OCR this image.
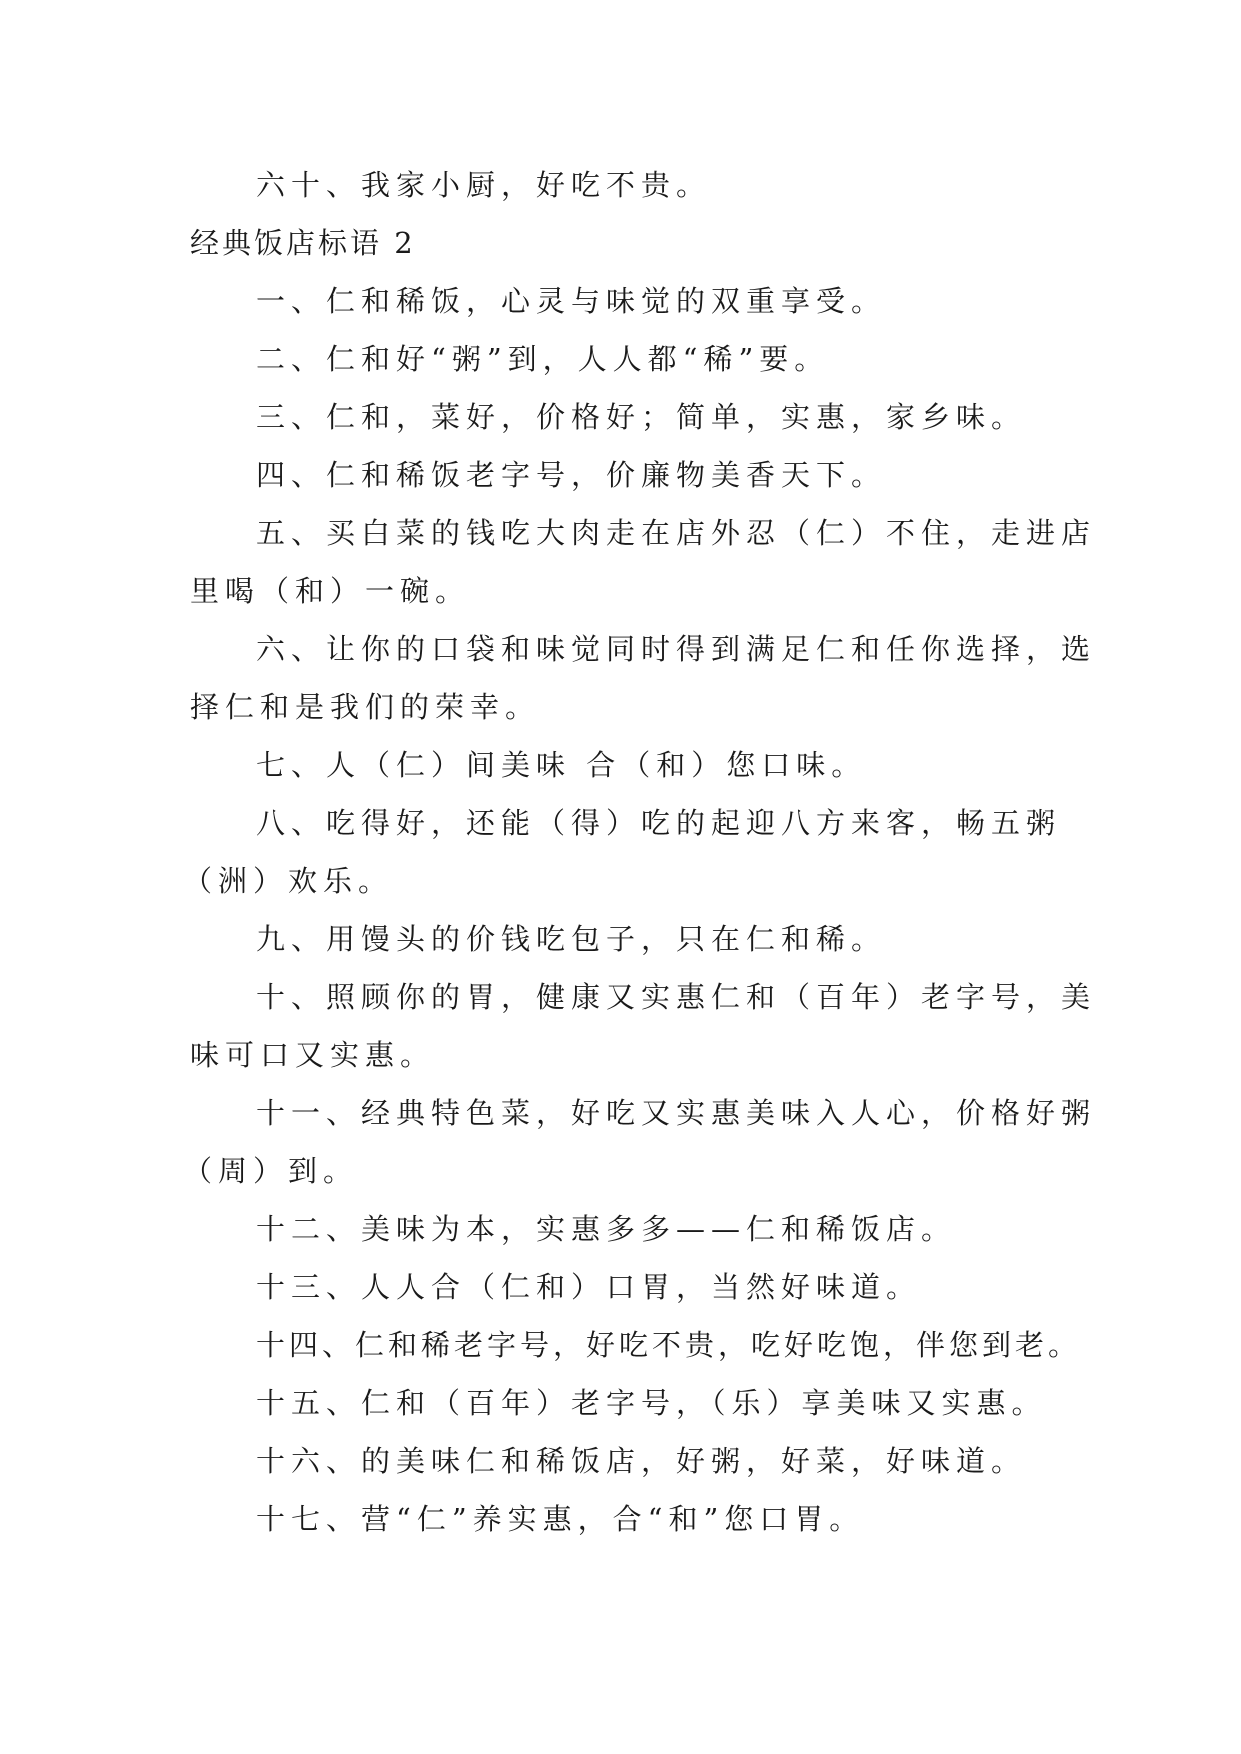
六十、我家小厨，好吃不贵。

经典饭店标语 2

一、仁和稀饭，心灵与味觉的双重享受。

二、仁和好“粥”到，人人都“稀”要。

三、仁和，菜好，价格好；简单，实惠，家乡味。

四、仁和稀饭老字号，价廉物美香天下。

五、买白菜的钱吃大肉走在店外忍（仁）不住，走进店

里喝（和）一碗。

六、让你的口袋和味觉同时得到满足仁和任你选择，选

择仁和是我们的荣幸。

七、人（仁）间美味 合（和）您口味。

八、吃得好，还能（得）吃的起迎八方来客，畅五粥

（洲）欢乐。

九、用馒头的价钱吃包子，只在仁和稀。

十、照顾你的胃，健康又实惠仁和（百年）老字号，美

味可口又实惠。

十一、经典特色菜，好吃又实惠美味入人心，价格好粥

（周）到。

十二、美味为本，实惠多多——仁和稀饭店。

十三、人人合（仁和）口胃，当然好味道。

十四、仁和稀老字号，好吃不贵，吃好吃饱，伴您到老。

十五、仁和（百年）老字号，（乐）享美味又实惠。

十六、的美味仁和稀饭店，好粥，好菜，好味道。

十七、营“仁”养实惠，合“和”您口胃。
